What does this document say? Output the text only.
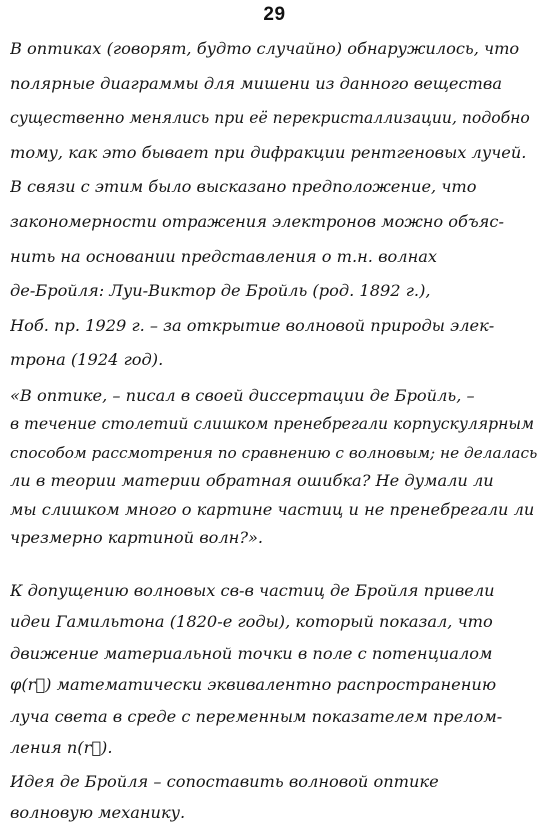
29
В оптиках (говорят, будто случайно) обнаружилось, что
полярные диаграммы для мишени из данного вещества
существенно менялись при её перекристаллизации, подобно
тому, как это бывает при дифракции рентгеновых лучей.
В связи с этим было высказано предположение, что
закономерности отражения электронов можно объяс-
нить на основании представления о т.н. волнах
де-Бройля: Луи-Виктор де Бройль (род. 1892 г.),
Ноб. пр. 1929 г. – за открытие волновой природы элек-
трона (1924 год).
«В оптике, – писал в своей диссертации де Бройль, –
в течение столетий слишком пренебрегали корпускулярным
способом рассмотрения по сравнению с волновым; не делалась
ли в теории материи обратная ошибка? Не думали ли
мы слишком много о картине частиц и не пренебрегали ли
чрезмерно картиной волн?».
К допущению волновых св-в частиц де Бройля привели
идеи Гамильтона (1820-е годы), который показал, что
движение материальной точки в поле с потенциалом
φ(r⃗) математически эквивалентно распространению
луча света в среде с переменным показателем прелом-
ления n(r⃗).
Идея де Бройля – сопоставить волновой оптике
волновую механику.
